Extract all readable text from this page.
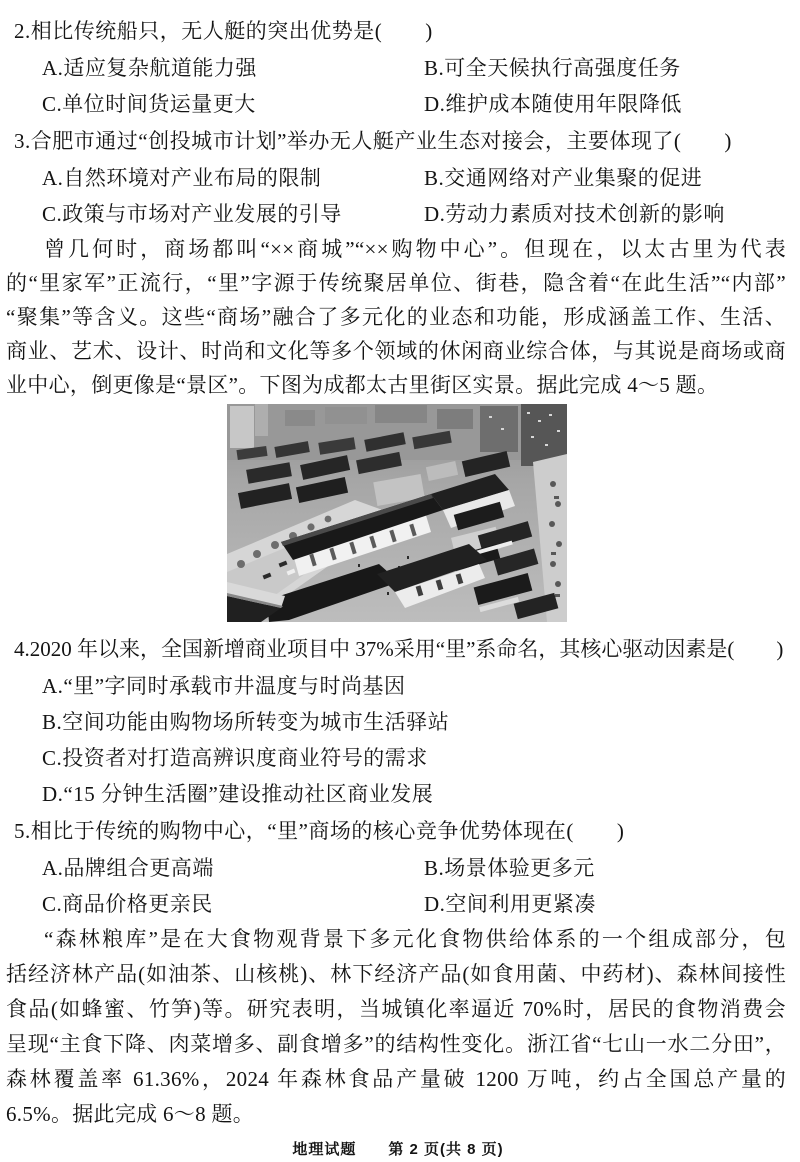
2.相比传统船只，无人艇的突出优势是(　　)
A.适应复杂航道能力强	B.可全天候执行高强度任务
C.单位时间货运量更大	D.维护成本随使用年限降低
3.合肥市通过“创投城市计划”举办无人艇产业生态对接会，主要体现了(　　)
A.自然环境对产业布局的限制	B.交通网络对产业集聚的促进
C.政策与市场对产业发展的引导	D.劳动力素质对技术创新的影响
曾几何时，商场都叫“××商城”“××购物中心”。但现在，以太古里为代表
的“里家军”正流行，“里”字源于传统聚居单位、街巷，隐含着“在此生活”“内部”
“聚集”等含义。这些“商场”融合了多元化的业态和功能，形成涵盖工作、生活、
商业、艺术、设计、时尚和文化等多个领域的休闲商业综合体，与其说是商场或商
业中心，倒更像是“景区”。下图为成都太古里街区实景。据此完成 4～5 题。
4.2020 年以来，全国新增商业项目中 37%采用“里”系命名，其核心驱动因素是(　　)
A.“里”字同时承载市井温度与时尚基因
B.空间功能由购物场所转变为城市生活驿站
C.投资者对打造高辨识度商业符号的需求
D.“15 分钟生活圈”建设推动社区商业发展
5.相比于传统的购物中心，“里”商场的核心竞争优势体现在(　　)
A.品牌组合更高端	B.场景体验更多元
C.商品价格更亲民	D.空间利用更紧凑
“森林粮库”是在大食物观背景下多元化食物供给体系的一个组成部分，包
括经济林产品(如油茶、山核桃)、林下经济产品(如食用菌、中药材)、森林间接性
食品(如蜂蜜、竹笋)等。研究表明，当城镇化率逼近 70%时，居民的食物消费会
呈现“主食下降、肉菜增多、副食增多”的结构性变化。浙江省“七山一水二分田”，
森林覆盖率 61.36%，2024 年森林食品产量破 1200 万吨，约占全国总产量的
6.5%。据此完成 6～8 题。
地理试题　　第 2 页(共 8 页)
